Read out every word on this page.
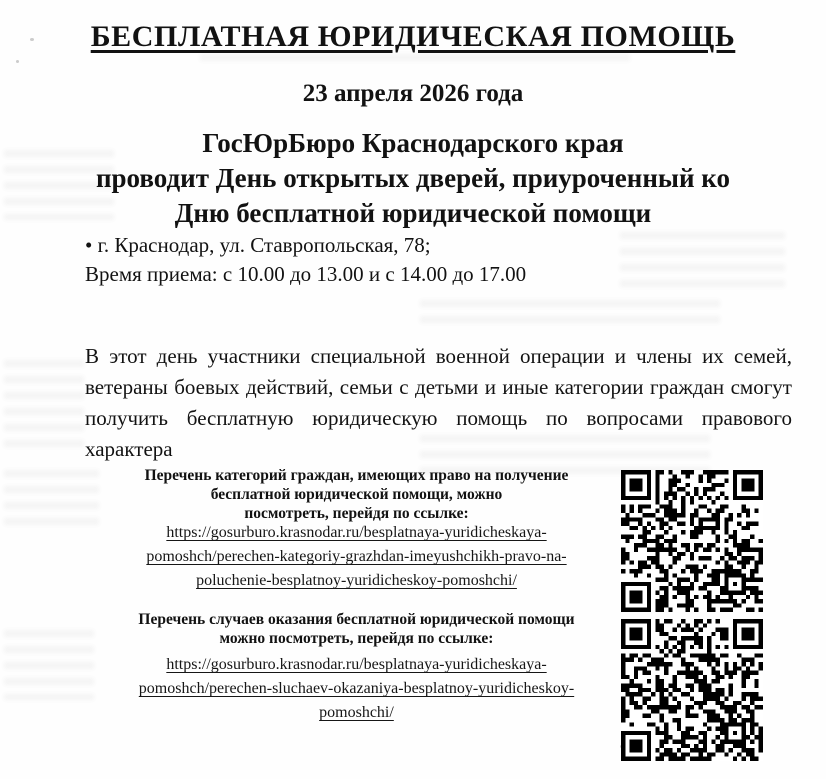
БЕСПЛАТНАЯ ЮРИДИЧЕСКАЯ ПОМОЩЬ
23 апреля 2026 года
ГосЮрБюро Краснодарского края
проводит День открытых дверей, приуроченный ко
Дню бесплатной юридической помощи
• г. Краснодар, ул. Ставропольская, 78;
Время приема: с 10.00 до 13.00 и с 14.00 до 17.00
В этот день участники специальной военной операции и члены их семей, ветераны боевых действий, семьи с детьми и иные категории граждан смогут получить бесплатную юридическую помощь по вопросами правового характера
Перечень категорий граждан, имеющих право на получение
бесплатной юридической помощи, можно
посмотреть, перейдя по ссылке:
https://gosurburo.krasnodar.ru/besplatnaya-yuridicheskaya-
pomoshch/perechen-kategoriy-grazhdan-imeyushchikh-pravo-na-
poluchenie-besplatnoy-yuridicheskoy-pomoshchi/
Перечень случаев оказания бесплатной юридической помощи
можно посмотреть, перейдя по ссылке:
https://gosurburo.krasnodar.ru/besplatnaya-yuridicheskaya-
pomoshch/perechen-sluchaev-okazaniya-besplatnoy-yuridicheskoy-
pomoshchi/
